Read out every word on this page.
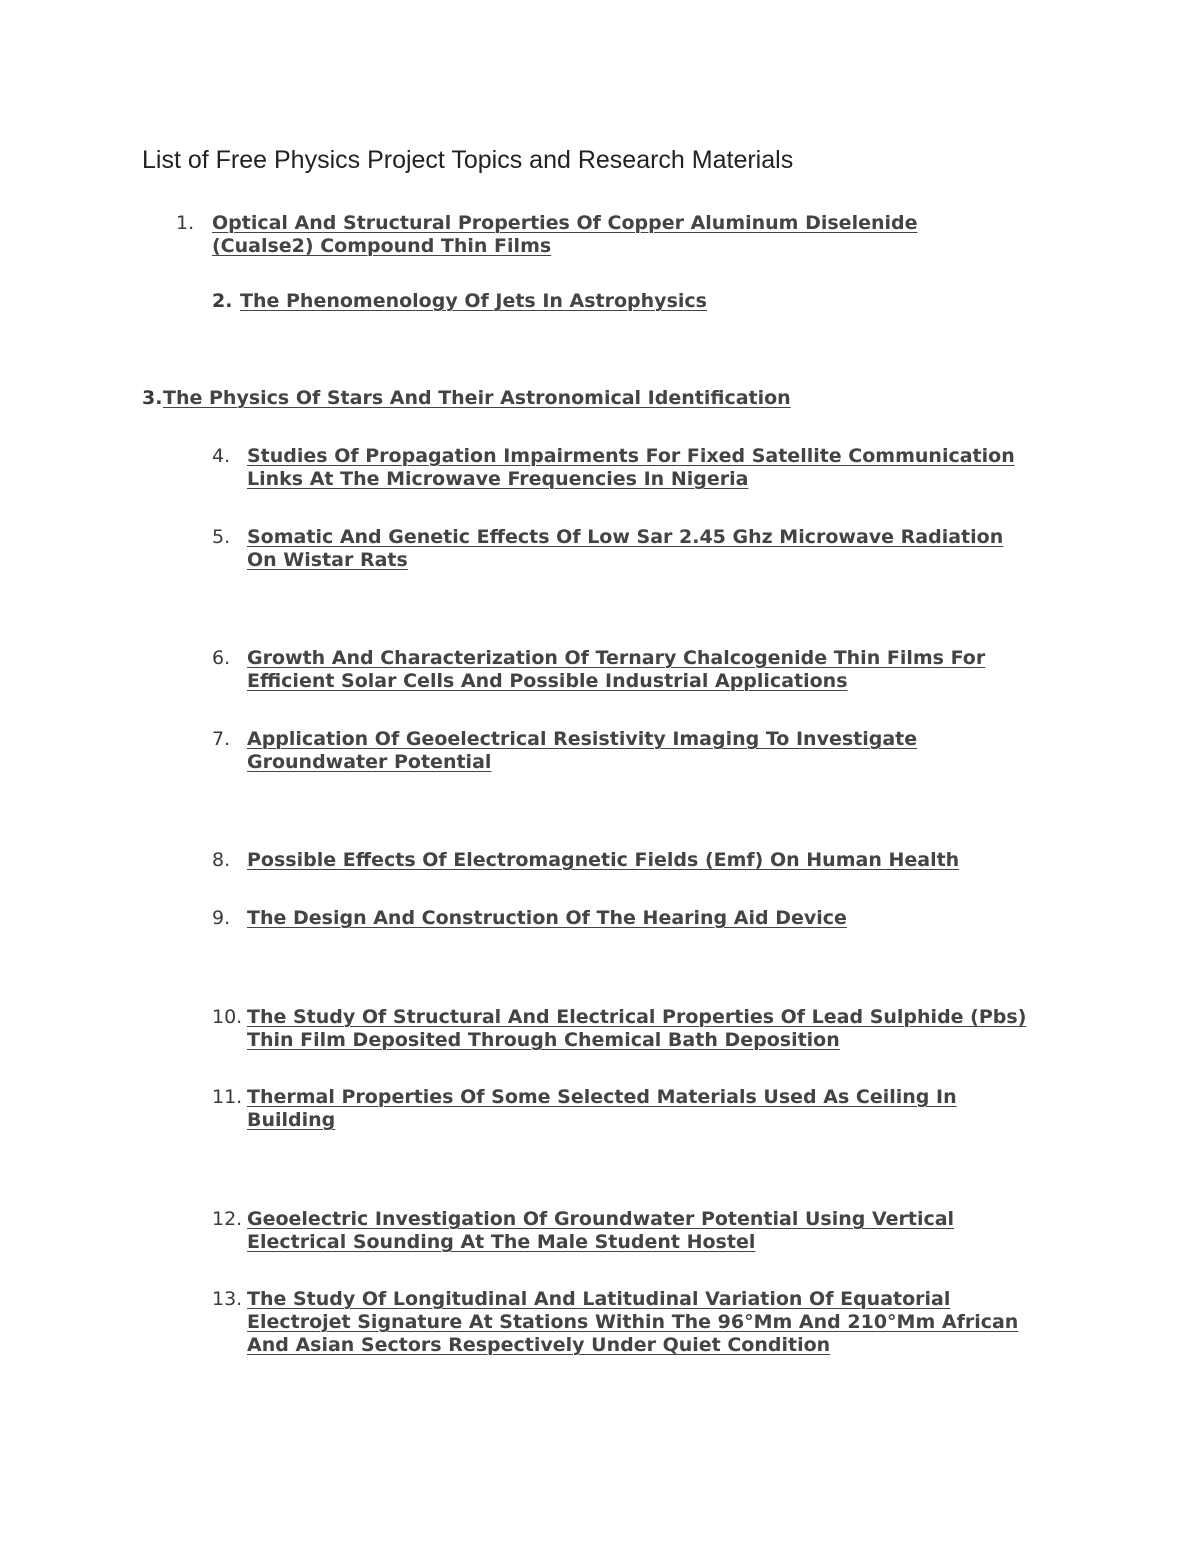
List of Free Physics Project Topics and Research Materials
1. Optical And Structural Properties Of Copper Aluminum Diselenide
(Cualse2) Compound Thin Films
2. The Phenomenology Of Jets In Astrophysics
3. The Physics Of Stars And Their Astronomical Identification
4. Studies Of Propagation Impairments For Fixed Satellite Communication
Links At The Microwave Frequencies In Nigeria
5. Somatic And Genetic Effects Of Low Sar 2.45 Ghz Microwave Radiation
On Wistar Rats
6. Growth And Characterization Of Ternary Chalcogenide Thin Films For
Efficient Solar Cells And Possible Industrial Applications
7. Application Of Geoelectrical Resistivity Imaging To Investigate
Groundwater Potential
8. Possible Effects Of Electromagnetic Fields (Emf) On Human Health
9. The Design And Construction Of The Hearing Aid Device
10. The Study Of Structural And Electrical Properties Of Lead Sulphide (Pbs)
Thin Film Deposited Through Chemical Bath Deposition
11. Thermal Properties Of Some Selected Materials Used As Ceiling In
Building
12. Geoelectric Investigation Of Groundwater Potential Using Vertical
Electrical Sounding At The Male Student Hostel
13. The Study Of Longitudinal And Latitudinal Variation Of Equatorial
Electrojet Signature At Stations Within The 96°Mm And 210°Mm African
And Asian Sectors Respectively Under Quiet Condition
